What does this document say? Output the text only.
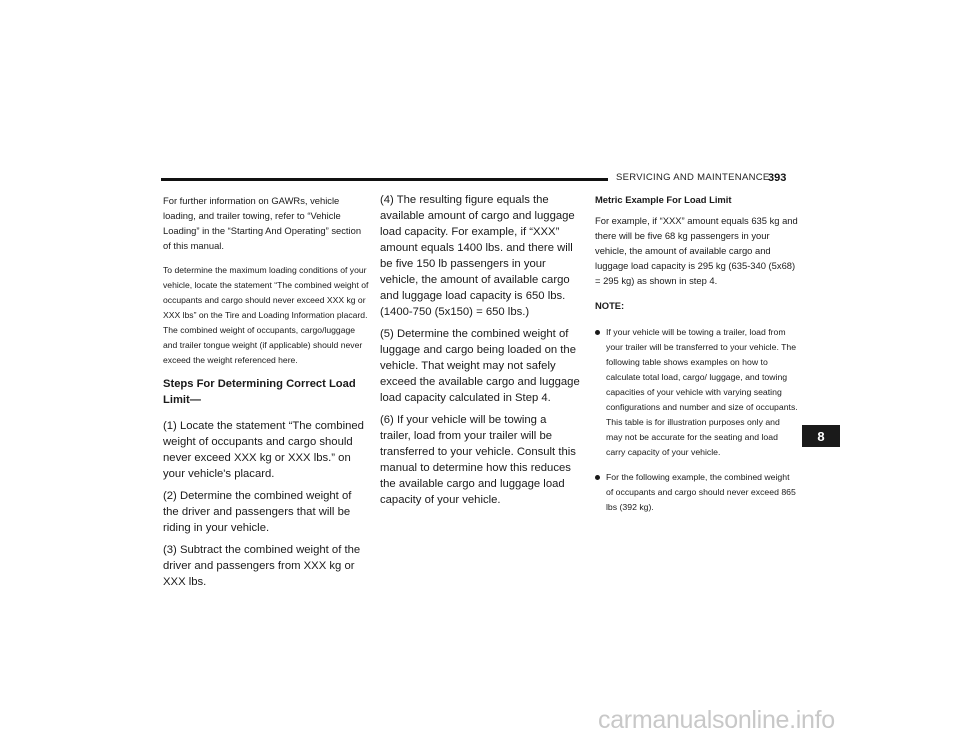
SERVICING AND MAINTENANCE
393

For further information on GAWRs, vehicle loading, and trailer towing, refer to “Vehicle Loading” in the “Starting And Operating” section of this manual.

To determine the maximum loading conditions of your vehicle, locate the statement “The combined weight of occupants and cargo should never exceed XXX kg or XXX lbs” on the Tire and Loading Information placard. The combined weight of occupants, cargo/luggage and trailer tongue weight (if applicable) should never exceed the weight referenced here.

Steps For Determining Correct Load Limit—

(1) Locate the statement “The combined weight of occupants and cargo should never exceed XXX kg or XXX lbs.” on your vehicle's placard.

(2) Determine the combined weight of the driver and passengers that will be riding in your vehicle.

(3) Subtract the combined weight of the driver and passengers from XXX kg or XXX lbs.

(4) The resulting figure equals the available amount of cargo and luggage load capacity. For example, if “XXX” amount equals 1400 lbs. and there will be five 150 lb passengers in your vehicle, the amount of available cargo and luggage load capacity is 650 lbs. (1400-750 (5x150) = 650 lbs.)

(5) Determine the combined weight of luggage and cargo being loaded on the vehicle. That weight may not safely exceed the available cargo and luggage load capacity calculated in Step 4.

(6) If your vehicle will be towing a trailer, load from your trailer will be transferred to your vehicle. Consult this manual to determine how this reduces the available cargo and luggage load capacity of your vehicle.

Metric Example For Load Limit

For example, if “XXX” amount equals 635 kg and there will be five 68 kg passengers in your vehicle, the amount of available cargo and luggage load capacity is 295 kg (635-340 (5x68) = 295 kg) as shown in step 4.

NOTE:

If your vehicle will be towing a trailer, load from your trailer will be transferred to your vehicle. The following table shows examples on how to calculate total load, cargo/ luggage, and towing capacities of your vehicle with varying seating configurations and number and size of occupants. This table is for illustration purposes only and may not be accurate for the seating and load carry capacity of your vehicle.
For the following example, the combined weight of occupants and cargo should never exceed 865 lbs (392 kg).
8
carmanualsonline.info
